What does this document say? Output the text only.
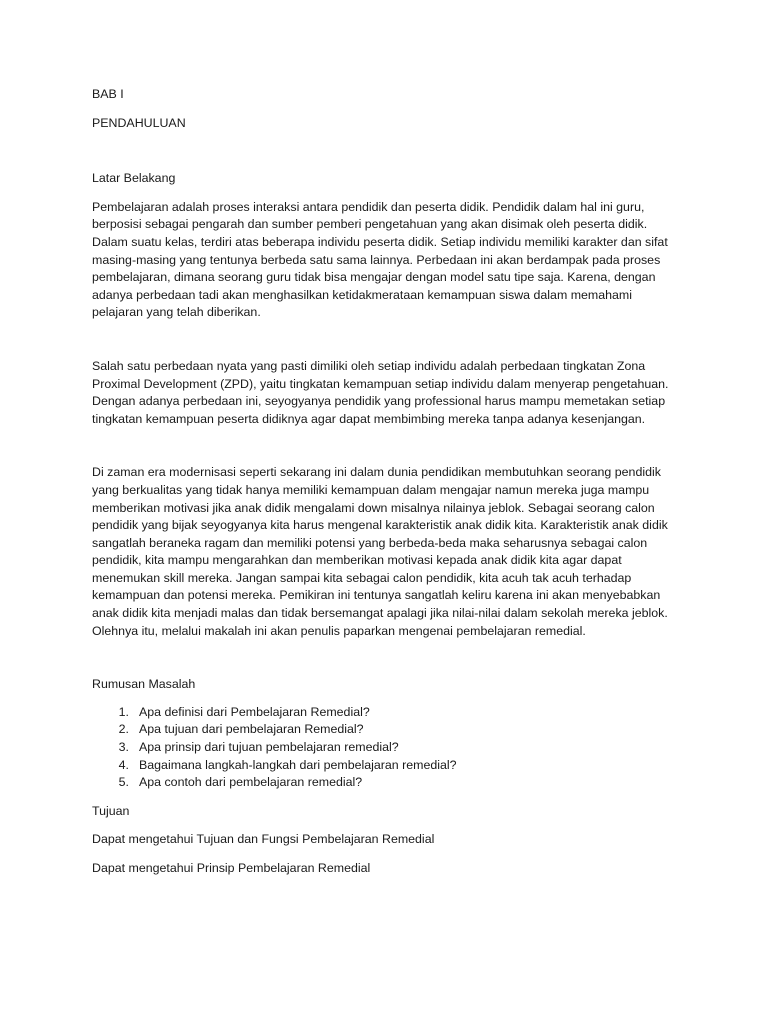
BAB I

PENDAHULUAN

Latar Belakang

Pembelajaran adalah proses interaksi antara pendidik dan peserta didik. Pendidik dalam hal ini guru, berposisi sebagai pengarah dan sumber pemberi pengetahuan yang akan disimak oleh peserta didik. Dalam suatu kelas, terdiri atas beberapa individu peserta didik. Setiap individu memiliki karakter dan sifat masing-masing yang tentunya berbeda satu sama lainnya. Perbedaan ini akan berdampak pada proses pembelajaran, dimana seorang guru tidak bisa mengajar dengan model satu tipe saja. Karena, dengan adanya perbedaan tadi akan menghasilkan ketidakmerataan kemampuan siswa dalam memahami pelajaran yang telah diberikan.

Salah satu perbedaan nyata yang pasti dimiliki oleh setiap individu adalah perbedaan tingkatan Zona Proximal Development (ZPD), yaitu tingkatan kemampuan setiap individu dalam menyerap pengetahuan. Dengan adanya perbedaan ini, seyogyanya pendidik yang professional harus mampu memetakan setiap tingkatan kemampuan peserta didiknya agar dapat membimbing mereka tanpa adanya kesenjangan.

Di zaman era modernisasi seperti sekarang ini dalam dunia pendidikan membutuhkan seorang pendidik yang berkualitas yang tidak hanya memiliki kemampuan dalam mengajar namun mereka juga mampu memberikan motivasi jika anak didik mengalami down misalnya nilainya jeblok. Sebagai seorang calon pendidik yang bijak seyogyanya kita harus mengenal karakteristik anak didik kita. Karakteristik anak didik sangatlah beraneka ragam dan memiliki potensi yang berbeda-beda maka seharusnya sebagai calon pendidik, kita mampu mengarahkan dan memberikan motivasi kepada anak didik kita agar dapat menemukan skill mereka. Jangan sampai kita sebagai calon pendidik, kita acuh tak acuh terhadap kemampuan dan potensi mereka. Pemikiran ini tentunya sangatlah keliru karena ini akan menyebabkan anak didik kita menjadi malas dan tidak bersemangat apalagi jika nilai-nilai dalam sekolah mereka jeblok. Olehnya itu, melalui makalah ini akan penulis paparkan mengenai pembelajaran remedial.

Rumusan Masalah

1. Apa definisi dari Pembelajaran Remedial?
2. Apa tujuan dari pembelajaran Remedial?
3. Apa prinsip dari tujuan pembelajaran remedial?
4. Bagaimana langkah-langkah dari pembelajaran remedial?
5. Apa contoh dari pembelajaran remedial?

Tujuan

Dapat mengetahui Tujuan dan Fungsi Pembelajaran Remedial

Dapat mengetahui Prinsip Pembelajaran Remedial
